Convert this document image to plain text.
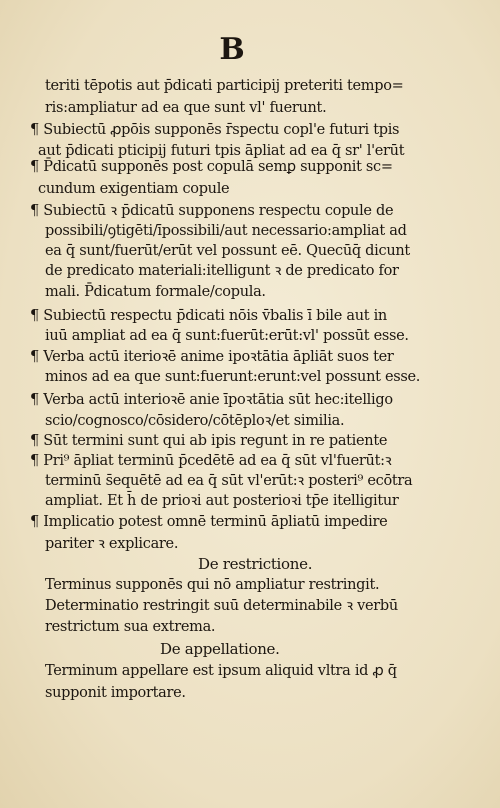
B
teriti tēpotis aut p̄dicati participij preteriti tempo=
ris:ampliatur ad ea que sunt vl' fuerunt.
¶ Subiectū ꝓpōis supponēs r̄spectu copl'e futuri tpis
aut p̄dicati pticipij futuri tpis āpliat ad ea q̄ sr' l'erūt
¶ P̄dicatū supponēs post copulā semꝑ supponit sc=
cundum exigentiam copule
¶ Subiectū ꝛ p̄dicatū supponens respectu copule de
possibili/ꝯtigēti/īpossibili/aut necessario:ampliat ad
ea q̄ sunt/fuerūt/erūt vel possunt eē. Quecūq̄ dicunt
de predicato materiali:itelligunt ꝛ de predicato for
mali. P̄dicatum formale/copula.
¶ Subiectū respectu p̄dicati nōis v̄balis ī bile aut in
iuū ampliat ad ea q̄ sunt:fuerūt:erūt:vl' possūt esse.
¶ Verba actū iterioꝛē anime ipoꝛtātia āpliāt suos ter
minos ad ea que sunt:fuerunt:erunt:vel possunt esse.
¶ Verba actū interioꝛē anie īpoꝛtātia sūt hec:itelligo
scio/cognosco/cōsidero/cōtēploꝛ/et similia.
¶ Sūt termini sunt qui ab ipis regunt in re patiente
¶ Pri⁹ āpliat terminū p̄cedētē ad ea q̄ sūt vl'fuerūt:ꝛ
terminū s̄equētē ad ea q̄ sūt vl'erūt:ꝛ posteri⁹ ecōtra
ampliat. Et h̄ de prioꝛi aut posterioꝛi tp̄e itelligitur
¶ Implicatio potest omnē terminū āpliatū impedire
pariter ꝛ explicare.
De restrictione.
Terminus supponēs qui nō ampliatur restringit.
Determinatio restringit suū determinabile ꝛ verbū
restrictum sua extrema.
De appellatione.
Terminum appellare est ipsum aliquid vltra id ꝓ q̄
supponit importare.
